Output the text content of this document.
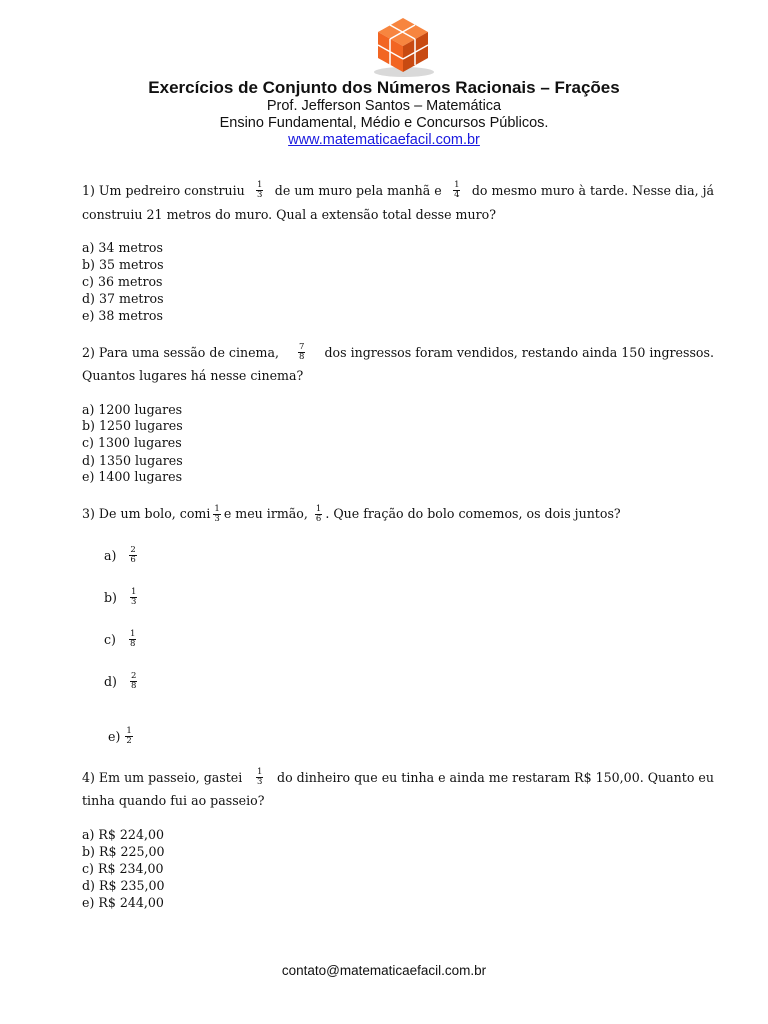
Exercícios de Conjunto dos Números Racionais – Frações
Prof. Jefferson Santos – Matemática
Ensino Fundamental, Médio e Concursos Públicos.
www.matematicaefacil.com.br
1) Um pedreiro construiu $\frac{1}{3}$ de um muro pela manhã e $\frac{1}{4}$ do mesmo muro à tarde. Nesse dia, já
construiu 21 metros do muro. Qual a extensão total desse muro?
a) 34 metros
b) 35 metros
c) 36 metros
d) 37 metros
e) 38 metros
2) Para uma sessão de cinema, $\frac{7}{8}$ dos ingressos foram vendidos, restando ainda 150 ingressos.
Quantos lugares há nesse cinema?
a) 1200 lugares
b) 1250 lugares
c) 1300 lugares
d) 1350 lugares
e) 1400 lugares
3) De um bolo, comi $\frac{1}{3}$ e meu irmão, $\frac{1}{6}$ . Que fração do bolo comemos, os dois juntos?
$a) \frac{2}{6}$
$b) \frac{1}{3}$
$c) \frac{1}{8}$
$d) \frac{2}{8}$
$e) \frac{1}{2}$
4) Em um passeio, gastei $\frac{1}{3}$ do dinheiro que eu tinha e ainda me restaram R$ 150,00. Quanto eu
tinha quando fui ao passeio?
a) R$ 224,00
b) R$ 225,00
c) R$ 234,00
d) R$ 235,00
e) R$ 244,00
contato@matematicaefacil.com.br
